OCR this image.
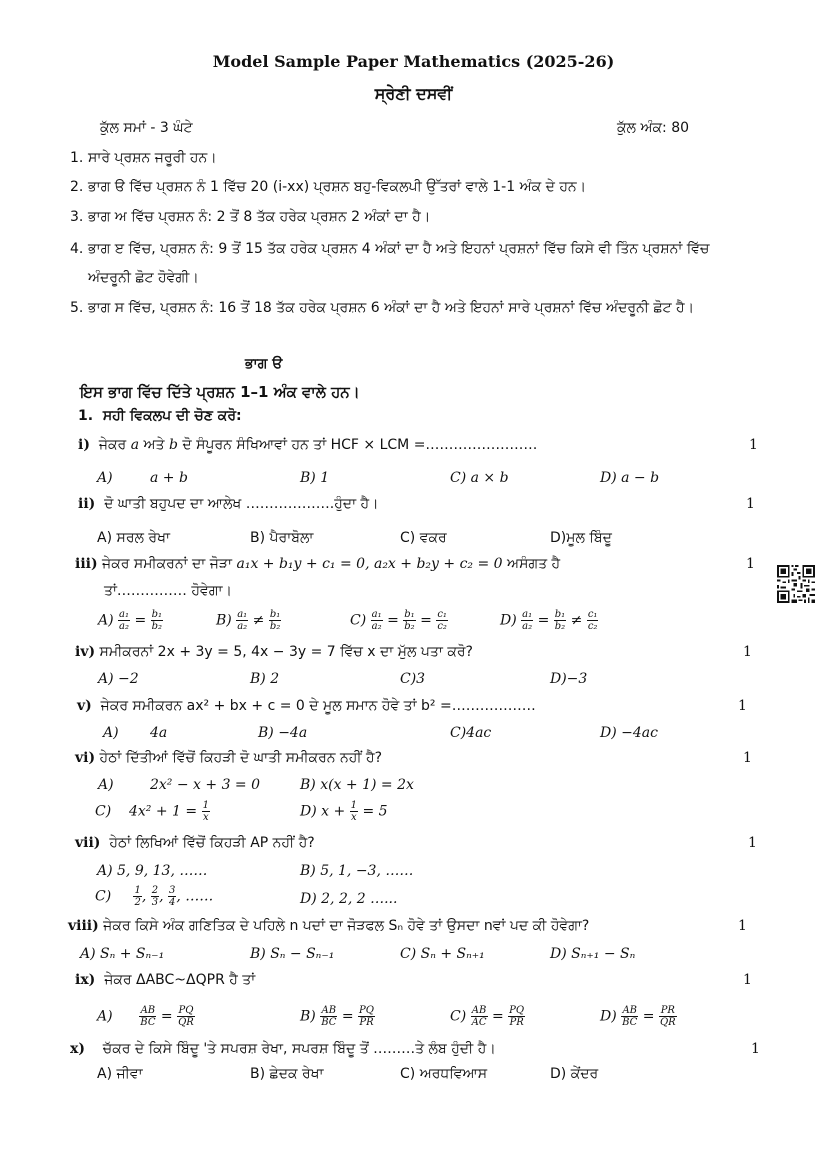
Model Sample Paper Mathematics (2025-26)
ਸ੍ਰੇਣੀ ਦਸਵੀਂ
ਕੁੱਲ ਸਮਾਂ - 3 ਘੰਟੇ	ਕੁੱਲ ਅੰਕ: 80
1. ਸਾਰੇ ਪ੍ਰਸ਼ਨ ਜਰੂਰੀ ਹਨ।
2. ਭਾਗ ੳ ਵਿੱਚ ਪ੍ਰਸ਼ਨ ਨੰ 1 ਵਿੱਚ 20 (i-xx) ਪ੍ਰਸ਼ਨ ਬਹੁ-ਵਿਕਲਪੀ ਉੱਤਰਾਂ ਵਾਲੇ 1-1 ਅੰਕ ਦੇ ਹਨ।
3. ਭਾਗ ਅ ਵਿੱਚ ਪ੍ਰਸ਼ਨ ਨੰ: 2 ਤੋਂ 8 ਤੱਕ ਹਰੇਕ ਪ੍ਰਸ਼ਨ 2 ਅੰਕਾਂ ਦਾ ਹੈ।
4. ਭਾਗ ੲ ਵਿੱਚ, ਪ੍ਰਸ਼ਨ ਨੰ: 9 ਤੋਂ 15 ਤੱਕ ਹਰੇਕ ਪ੍ਰਸ਼ਨ 4 ਅੰਕਾਂ ਦਾ ਹੈ ਅਤੇ ਇਹਨਾਂ ਪ੍ਰਸ਼ਨਾਂ ਵਿੱਚ ਕਿਸੇ ਵੀ ਤਿੰਨ ਪ੍ਰਸ਼ਨਾਂ ਵਿੱਚ ਅੰਦਰੂਨੀ ਛੋਟ ਹੋਵੇਗੀ।
5. ਭਾਗ ਸ ਵਿੱਚ, ਪ੍ਰਸ਼ਨ ਨੰ: 16 ਤੋਂ 18 ਤੱਕ ਹਰੇਕ ਪ੍ਰਸ਼ਨ 6 ਅੰਕਾਂ ਦਾ ਹੈ ਅਤੇ ਇਹਨਾਂ ਸਾਰੇ ਪ੍ਰਸ਼ਨਾਂ ਵਿੱਚ ਅੰਦਰੂਨੀ ਛੋਟ ਹੈ।
ਭਾਗ ੳ
ਇਸ ਭਾਗ ਵਿੱਚ ਦਿੱਤੇ ਪ੍ਰਸ਼ਨ 1–1 ਅੰਕ ਵਾਲੇ ਹਨ।
1. ਸਹੀ ਵਿਕਲਪ ਦੀ ਚੋਣ ਕਰੋ:
i) ਜੇਕਰ a ਅਤੇ b ਦੋ ਸੰਪੂਰਨ ਸੰਖਿਆਵਾਂ ਹਨ ਤਾਂ HCF × LCM =……………………	1
A)	a + b	B) 1	C) a × b	D) a − b
ii) ਦੋ ਘਾਤੀ ਬਹੁਪਦ ਦਾ ਆਲੇਖ ……………….ਹੁੰਦਾ ਹੈ।	1
A) ਸਰਲ ਰੇਖਾ	B) ਪੈਰਾਬੋਲਾ	C) ਵਕਰ	D)ਮੂਲ ਬਿੰਦੂ
iii) ਜੇਕਰ ਸਮੀਕਰਨਾਂ ਦਾ ਜੋੜਾ a₁x + b₁y + c₁ = 0, a₂x + b₂y + c₂ = 0 ਅਸੰਗਤ ਹੈ	1
ਤਾਂ…………… ਹੋਵੇਗਾ।
$A) \frac{\text{a₁}}{\text{a₂}} = \frac{\text{b₁}}{\text{b₂}}$	$B) \frac{\text{a₁}}{\text{a₂}} \ne \frac{\text{b₁}}{\text{b₂}}$	$C) \frac{\text{a₁}}{\text{a₂}} = \frac{\text{b₁}}{\text{b₂}} = \frac{\text{c₁}}{\text{c₂}}$	$D) \frac{\text{a₁}}{\text{a₂}} = \frac{\text{b₁}}{\text{b₂}} \ne \frac{\text{c₁}}{\text{c₂}}$
iv) ਸਮੀਕਰਨਾਂ 2x + 3y = 5, 4x − 3y = 7 ਵਿੱਚ x ਦਾ ਮੁੱਲ ਪਤਾ ਕਰੋ?	1
A) −2	B) 2	C)3	D)−3
v) ਜੇਕਰ ਸਮੀਕਰਨ ax² + bx + c = 0 ਦੇ ਮੂਲ ਸਮਾਨ ਹੋਵੇ ਤਾਂ b² =………………	1
A) 4a	B) −4a	C)4ac	D) −4ac
vi) ਹੇਠਾਂ ਦਿੱਤੀਆਂ ਵਿੱਚੋਂ ਕਿਹੜੀ ਦੋ ਘਾਤੀ ਸਮੀਕਰਨ ਨਹੀਂ ਹੈ?	1
A)	2x² − x + 3 = 0	B) x(x + 1) = 2x
C) $4x^2 + 1 = \frac{1}{x}$	D) $x + \frac{1}{x} = 5$
vii) ਹੇਠਾਂ ਲਿਖਿਆਂ ਵਿੱਚੋਂ ਕਿਹੜੀ AP ਨਹੀਂ ਹੈ?	1
A) 5, 9, 13, ……	B) 5, 1, −3, ……
$C) \frac{1}{2}$ , $\frac{2}{3}$ , $\frac{3}{4}$ , ……	D) 2, 2, 2 …...
viii) ਜੇਕਰ ਕਿਸੇ ਅੰਕ ਗਣਿਤਿਕ ਦੇ ਪਹਿਲੇ n ਪਦਾਂ ਦਾ ਜੋੜਫਲ Sₙ ਹੋਵੇ ਤਾਂ ਉਸਦਾ nਵਾਂ ਪਦ ਕੀ ਹੋਵੇਗਾ?	1
A) Sₙ + Sₙ₋₁	B) Sₙ − Sₙ₋₁	C) Sₙ + Sₙ₊₁	D) Sₙ₊₁ − Sₙ
ix) ਜੇਕਰ ΔABC~ΔQPR ਹੈ ਤਾਂ	1
A)	$\frac{AB}{BC} = \frac{PQ}{QR}$	$B) \frac{AB}{BC} = \frac{PQ}{PR}$	$C) \frac{AB}{AC} = \frac{PQ}{PR}$	$D) \frac{AB}{BC} = \frac{PR}{QR}$
x) ਚੱਕਰ ਦੇ ਕਿਸੇ ਬਿੰਦੂ 'ਤੇ ਸਪਰਸ਼ ਰੇਖਾ, ਸਪਰਸ਼ ਬਿੰਦੂ ਤੋਂ ………ਤੇ ਲੰਬ ਹੁੰਦੀ ਹੈ।	1
A) ਜੀਵਾ	B) ਛੇਦਕ ਰੇਖਾ	C) ਅਰਧਵਿਆਸ	D) ਕੇਂਦਰ
